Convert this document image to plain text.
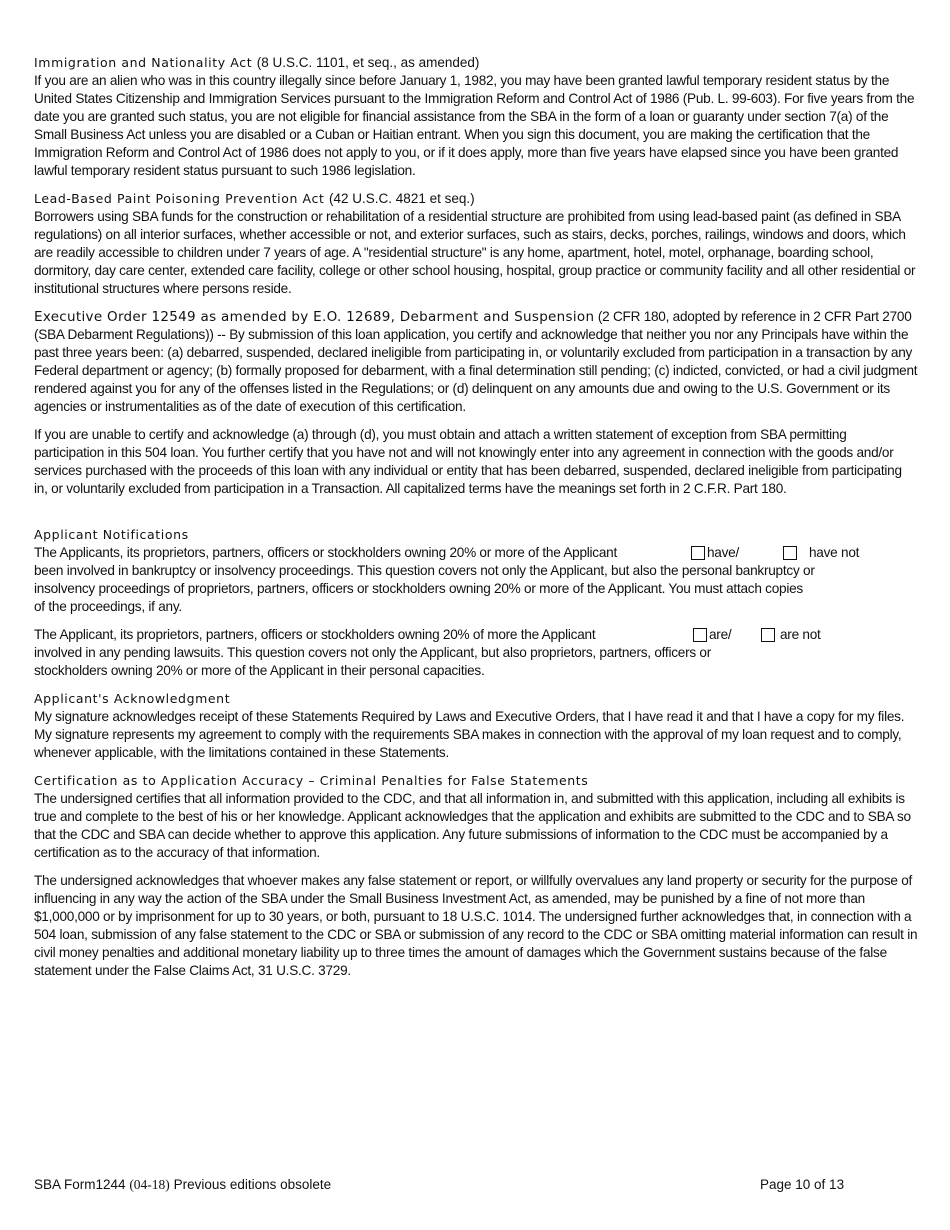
Immigration and Nationality Act (8 U.S.C. 1101, et seq., as amended)

If you are an alien who was in this country illegally since before January 1, 1982, you may have been granted lawful temporary resident status by the United States Citizenship and Immigration Services pursuant to the Immigration Reform and Control Act of 1986 (Pub. L. 99-603). For five years from the date you are granted such status, you are not eligible for financial assistance from the SBA in the form of a loan or guaranty under section 7(a) of the Small Business Act unless you are disabled or a Cuban or Haitian entrant. When you sign this document, you are making the certification that the Immigration Reform and Control Act of 1986 does not apply to you, or if it does apply, more than five years have elapsed since you have been granted lawful temporary resident status pursuant to such 1986 legislation.

Lead-Based Paint Poisoning Prevention Act (42 U.S.C. 4821 et seq.)

Borrowers using SBA funds for the construction or rehabilitation of a residential structure are prohibited from using lead-based paint (as defined in SBA regulations) on all interior surfaces, whether accessible or not, and exterior surfaces, such as stairs, decks, porches, railings, windows and doors, which are readily accessible to children under 7 years of age. A "residential structure" is any home, apartment, hotel, motel, orphanage, boarding school, dormitory, day care center, extended care facility, college or other school housing, hospital, group practice or community facility and all other residential or institutional structures where persons reside.

Executive Order 12549 as amended by E.O. 12689, Debarment and Suspension (2 CFR 180, adopted by reference in 2 CFR Part 2700 (SBA Debarment Regulations)) -- By submission of this loan application, you certify and acknowledge that neither you nor any Principals have within the past three years been: (a) debarred, suspended, declared ineligible from participating in, or voluntarily excluded from participation in a transaction by any Federal department or agency; (b) formally proposed for debarment, with a final determination still pending; (c) indicted, convicted, or had a civil judgment rendered against you for any of the offenses listed in the Regulations; or (d) delinquent on any amounts due and owing to the U.S. Government or its agencies or instrumentalities as of the date of execution of this certification.

If you are unable to certify and acknowledge (a) through (d), you must obtain and attach a written statement of exception from SBA permitting participation in this 504 loan. You further certify that you have not and will not knowingly enter into any agreement in connection with the goods and/or services purchased with the proceeds of this loan with any individual or entity that has been debarred, suspended, declared ineligible from participating in, or voluntarily excluded from participation in a Transaction. All capitalized terms have the meanings set forth in 2 C.F.R. Part 180.

Applicant Notifications

The Applicants, its proprietors, partners, officers or stockholders owning 20% or more of the Applicant	have/	have not

been involved in bankruptcy or insolvency proceedings. This question covers not only the Applicant, but also the personal bankruptcy or

insolvency proceedings of proprietors, partners, officers or stockholders owning 20% or more of the Applicant. You must attach copies

of the proceedings, if any.

The Applicant, its proprietors, partners, officers or stockholders owning 20% of more the Applicant	are/	are not

involved in any pending lawsuits. This question covers not only the Applicant, but also proprietors, partners, officers or

stockholders owning 20% or more of the Applicant in their personal capacities.

Applicant's Acknowledgment

My signature acknowledges receipt of these Statements Required by Laws and Executive Orders, that I have read it and that I have a copy for my files. My signature represents my agreement to comply with the requirements SBA makes in connection with the approval of my loan request and to comply, whenever applicable, with the limitations contained in these Statements.

Certification as to Application Accuracy – Criminal Penalties for False Statements

The undersigned certifies that all information provided to the CDC, and that all information in, and submitted with this application, including all exhibits is true and complete to the best of his or her knowledge. Applicant acknowledges that the application and exhibits are submitted to the CDC and to SBA so that the CDC and SBA can decide whether to approve this application. Any future submissions of information to the CDC must be accompanied by a certification as to the accuracy of that information.

The undersigned acknowledges that whoever makes any false statement or report, or willfully overvalues any land property or security for the purpose of influencing in any way the action of the SBA under the Small Business Investment Act, as amended, may be punished by a fine of not more than $1,000,000 or by imprisonment for up to 30 years, or both, pursuant to 18 U.S.C. 1014. The undersigned further acknowledges that, in connection with a 504 loan, submission of any false statement to the CDC or SBA or submission of any record to the CDC or SBA omitting material information can result in civil money penalties and additional monetary liability up to three times the amount of damages which the Government sustains because of the false statement under the False Claims Act, 31 U.S.C. 3729.

SBA Form1244 (04-18) Previous editions obsolete	Page 10 of 13
